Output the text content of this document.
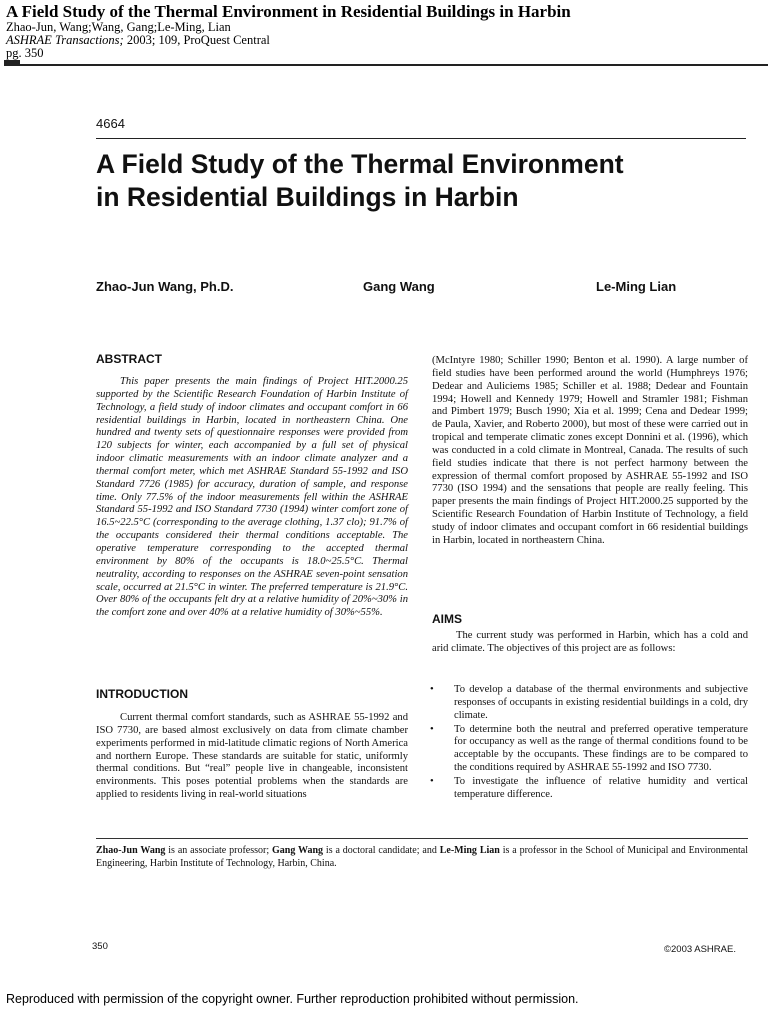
A Field Study of the Thermal Environment in Residential Buildings in Harbin
Zhao-Jun, Wang;Wang, Gang;Le-Ming, Lian
ASHRAE Transactions; 2003; 109, ProQuest Central
pg. 350
4664
A Field Study of the Thermal Environment
in Residential Buildings in Harbin
Zhao-Jun Wang, Ph.D.	Gang Wang	Le-Ming Lian
ABSTRACT

This paper presents the main findings of Project HIT.2000.25 supported by the Scientific Research Foundation of Harbin Institute of Technology, a field study of indoor climates and occupant comfort in 66 residential buildings in Harbin, located in northeastern China. One hundred and twenty sets of questionnaire responses were provided from 120 subjects for winter, each accompanied by a full set of physical indoor climatic measurements with an indoor climate analyzer and a thermal comfort meter, which met ASHRAE Standard 55-1992 and ISO Standard 7726 (1985) for accuracy, duration of sample, and response time. Only 77.5% of the indoor measurements fell within the ASHRAE Standard 55-1992 and ISO Standard 7730 (1994) winter comfort zone of 16.5~22.5°C (corresponding to the average clothing, 1.37 clo); 91.7% of the occupants considered their thermal conditions acceptable. The operative temperature corresponding to the accepted thermal environment by 80% of the occupants is 18.0~25.5°C. Thermal neutrality, according to responses on the ASHRAE seven-point sensation scale, occurred at 21.5°C in winter. The preferred temperature is 21.9°C. Over 80% of the occupants felt dry at a relative humidity of 20%~30% in the comfort zone and over 40% at a relative humidity of 30%~55%.

INTRODUCTION

Current thermal comfort standards, such as ASHRAE 55-1992 and ISO 7730, are based almost exclusively on data from climate chamber experiments performed in mid-latitude climatic regions of North America and northern Europe. These standards are suitable for static, uniformly thermal conditions. But “real” people live in changeable, inconsistent environments. This poses potential problems when the standards are applied to residents living in real-world situations

(McIntyre 1980; Schiller 1990; Benton et al. 1990). A large number of field studies have been performed around the world (Humphreys 1976; Dedear and Auliciems 1985; Schiller et al. 1988; Dedear and Fountain 1994; Howell and Kennedy 1979; Howell and Stramler 1981; Fishman and Pimbert 1979; Busch 1990; Xia et al. 1999; Cena and Dedear 1999; de Paula, Xavier, and Roberto 2000), but most of these were carried out in tropical and temperate climatic zones except Donnini et al. (1996), which was conducted in a cold climate in Montreal, Canada. The results of such field studies indicate that there is not perfect harmony between the expression of thermal comfort proposed by ASHRAE 55-1992 and ISO 7730 (ISO 1994) and the sensations that people are really feeling. This paper presents the main findings of Project HIT.2000.25 supported by the Scientific Research Foundation of Harbin Institute of Technology, a field study of indoor climates and occupant comfort in 66 residential buildings in Harbin, located in northeastern China.

AIMS

The current study was performed in Harbin, which has a cold and arid climate. The objectives of this project are as follows:

• To develop a database of the thermal environments and subjective responses of occupants in existing residential buildings in a cold, dry climate.
• To determine both the neutral and preferred operative temperature for occupancy as well as the range of thermal conditions found to be acceptable by the occupants. These findings are to be compared to the conditions required by ASHRAE 55-1992 and ISO 7730.
• To investigate the influence of relative humidity and vertical temperature difference.
Zhao-Jun Wang is an associate professor; Gang Wang is a doctoral candidate; and Le-Ming Lian is a professor in the School of Municipal and Environmental Engineering, Harbin Institute of Technology, Harbin, China.
350	©2003 ASHRAE.
Reproduced with permission of the copyright owner. Further reproduction prohibited without permission.
